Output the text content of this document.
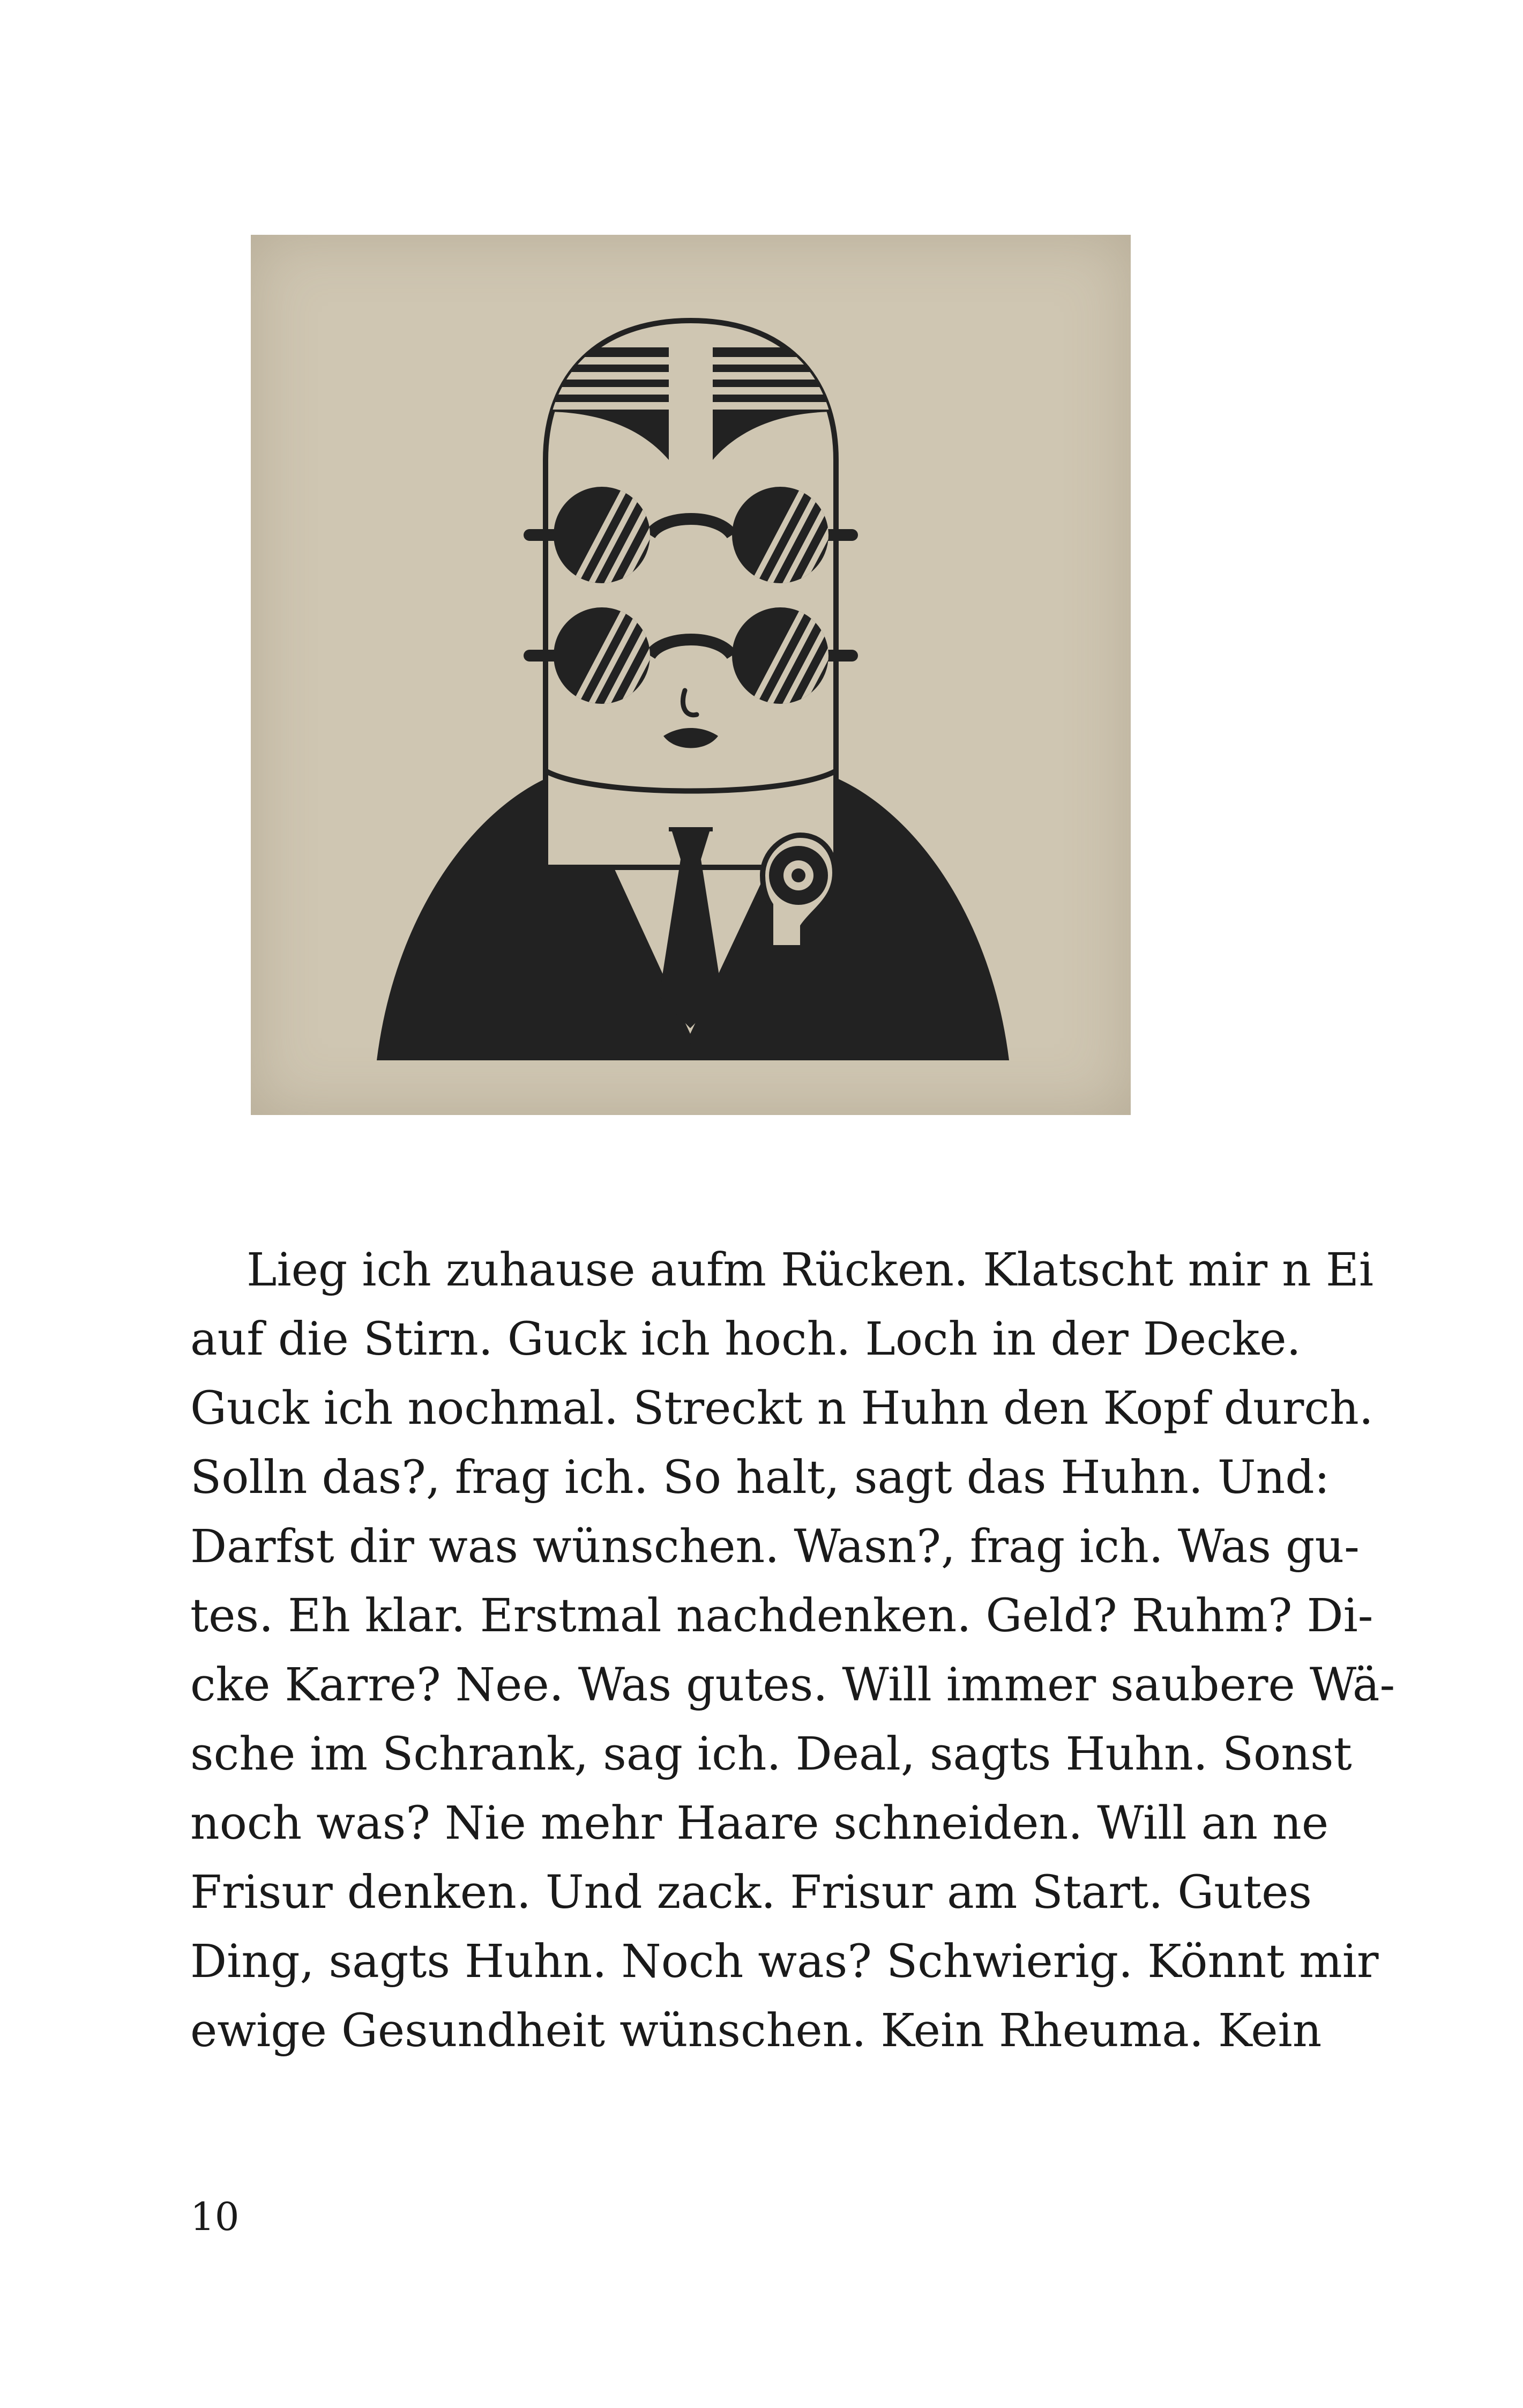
Lieg ich zuhause aufm Rücken. Klatscht mir n Ei
auf die Stirn. Guck ich hoch. Loch in der Decke.
Guck ich nochmal. Streckt n Huhn den Kopf durch.
Solln das?, frag ich. So halt, sagt das Huhn. Und:
Darfst dir was wünschen. Wasn?, frag ich. Was gu-
tes. Eh klar. Erstmal nachdenken. Geld? Ruhm? Di-
cke Karre? Nee. Was gutes. Will immer saubere Wä-
sche im Schrank, sag ich. Deal, sagts Huhn. Sonst
noch was? Nie mehr Haare schneiden. Will an ne
Frisur denken. Und zack. Frisur am Start. Gutes
Ding, sagts Huhn. Noch was? Schwierig. Könnt mir
ewige Gesundheit wünschen. Kein Rheuma. Kein
10
